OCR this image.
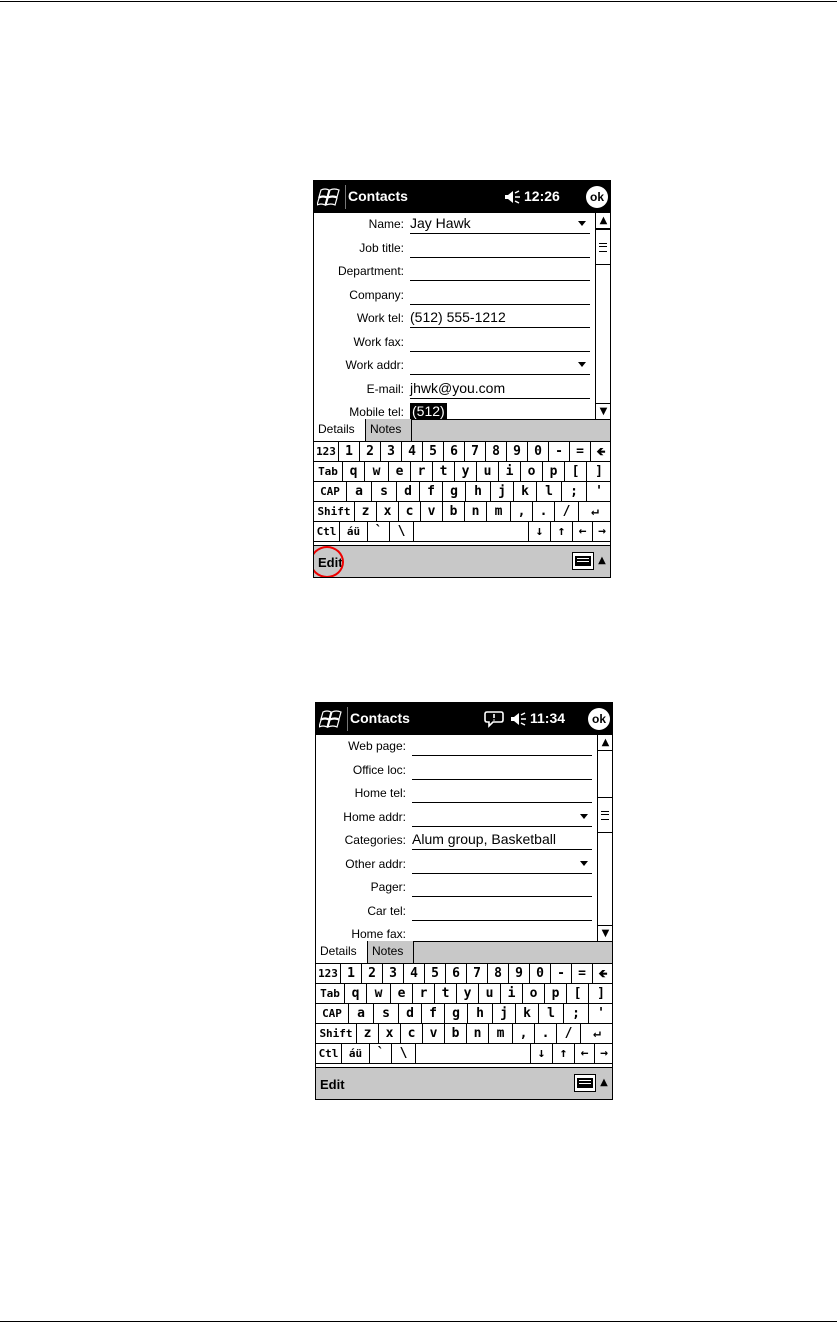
Contacts	12:26	ok
Name: Jay Hawk
Job title:
Department:
Company:
Work tel: (512) 555-1212
Work fax:
Work addr:
E-mail: jhwk@you.com
Mobile tel: (512)
▲
▼
Details	Notes
123 1	2	3	4	5	6	7	8	9	0	-	=	🡸
Tab q	w	e	r	t	y	u	i	o	p	[	]
CAP	a	s	d	f	g	h	j	k	l	;	'
Shift z	x	c	v	b	n	m	,	.	/	↵
Ctl áü	`	\	↓	↑	← →
Edit	▲
Contacts	11:34	ok
Web page:
Office loc:
Home tel:
Home addr:
Categories: Alum group, Basketball
Other addr:
Pager:
Car tel:
Home fax:
▲
▼
Details	Notes
123 1	2	3	4	5	6	7	8	9	0	-	=	🡸
Tab q	w	e	r	t	y	u	i	o	p	[	]
CAP	a	s	d	f	g	h	j	k	l	;	'
Shift z	x	c	v	b	n	m	,	.	/	↵
Ctl áü	`	\	↓	↑	← →
Edit	▲
